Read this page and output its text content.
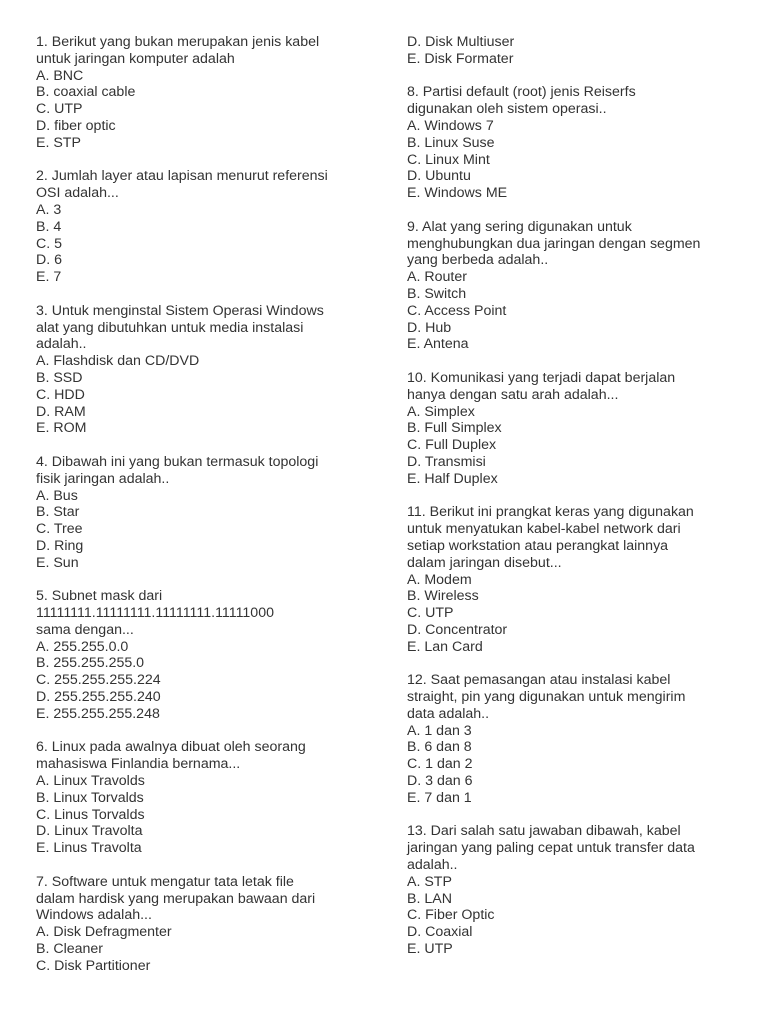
1. Berikut yang bukan merupakan jenis kabel
untuk jaringan komputer adalah
A. BNC
B. coaxial cable
C. UTP
D. fiber optic
E. STP
2. Jumlah layer atau lapisan menurut referensi
OSI adalah...
A. 3
B. 4
C. 5
D. 6
E. 7
3. Untuk menginstal Sistem Operasi Windows
alat yang dibutuhkan untuk media instalasi
adalah..
A. Flashdisk dan CD/DVD
B. SSD
C. HDD
D. RAM
E. ROM
4. Dibawah ini yang bukan termasuk topologi
fisik jaringan adalah..
A. Bus
B. Star
C. Tree
D. Ring
E. Sun
5. Subnet mask dari
11111111.11111111.11111111.11111000
sama dengan...
A. 255.255.0.0
B. 255.255.255.0
C. 255.255.255.224
D. 255.255.255.240
E. 255.255.255.248
6. Linux pada awalnya dibuat oleh seorang
mahasiswa Finlandia bernama...
A. Linux Travolds
B. Linux Torvalds
C. Linus Torvalds
D. Linux Travolta
E. Linus Travolta
7. Software untuk mengatur tata letak file
dalam hardisk yang merupakan bawaan dari
Windows adalah...
A. Disk Defragmenter
B. Cleaner
C. Disk Partitioner
D. Disk Multiuser
E. Disk Formater
8. Partisi default (root) jenis Reiserfs
digunakan oleh sistem operasi..
A. Windows 7
B. Linux Suse
C. Linux Mint
D. Ubuntu
E. Windows ME
9. Alat yang sering digunakan untuk
menghubungkan dua jaringan dengan segmen
yang berbeda adalah..
A. Router
B. Switch
C. Access Point
D. Hub
E. Antena
10. Komunikasi yang terjadi dapat berjalan
hanya dengan satu arah adalah...
A. Simplex
B. Full Simplex
C. Full Duplex
D. Transmisi
E. Half Duplex
11. Berikut ini prangkat keras yang digunakan
untuk menyatukan kabel-kabel network dari
setiap workstation atau perangkat lainnya
dalam jaringan disebut...
A. Modem
B. Wireless
C. UTP
D. Concentrator
E. Lan Card
12. Saat pemasangan atau instalasi kabel
straight, pin yang digunakan untuk mengirim
data adalah..
A. 1 dan 3
B. 6 dan 8
C. 1 dan 2
D. 3 dan 6
E. 7 dan 1
13. Dari salah satu jawaban dibawah, kabel
jaringan yang paling cepat untuk transfer data
adalah..
A. STP
B. LAN
C. Fiber Optic
D. Coaxial
E. UTP
